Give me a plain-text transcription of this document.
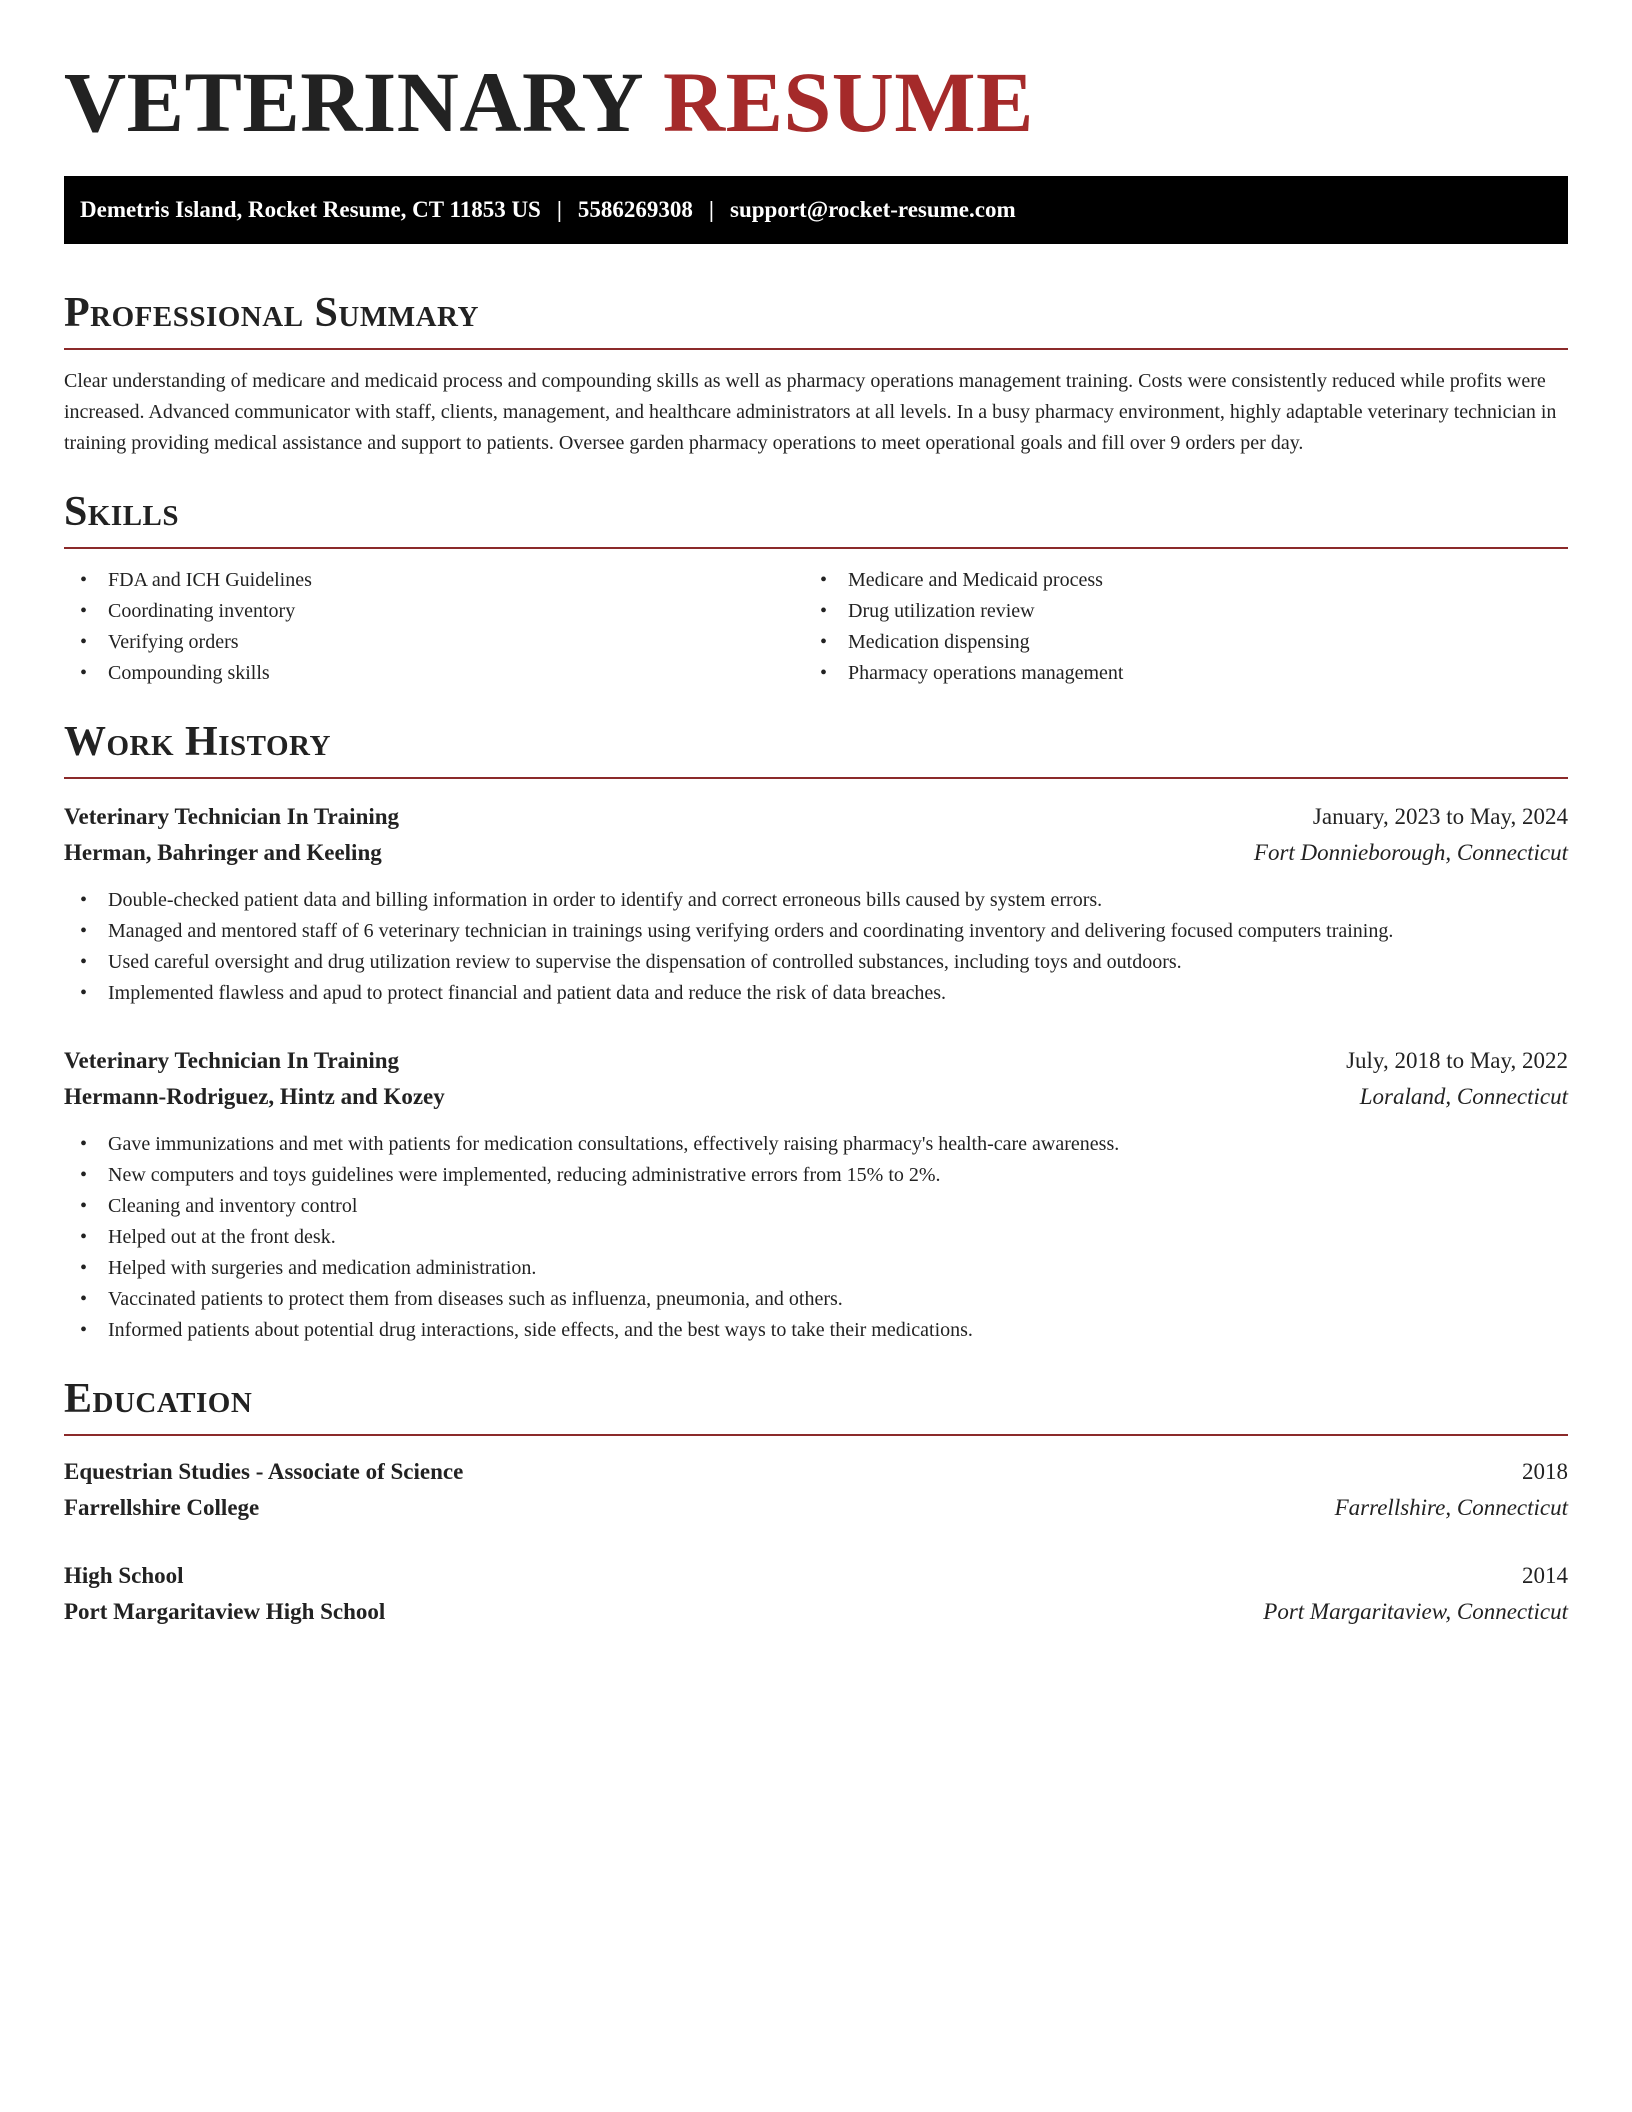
VETERINARY RESUME
Demetris Island, Rocket Resume, CT 11853 US | 5586269308 | support@rocket-resume.com
Professional Summary

Clear understanding of medicare and medicaid process and compounding skills as well as pharmacy operations management training. Costs were consistently reduced while profits were increased. Advanced communicator with staff, clients, management, and healthcare administrators at all levels. In a busy pharmacy environment, highly adaptable veterinary technician in training providing medical assistance and support to patients. Oversee garden pharmacy operations to meet operational goals and fill over 9 orders per day.

Skills
• FDA and ICH Guidelines
• Coordinating inventory
• Verifying orders
• Compounding skills
• Medicare and Medicaid process
• Drug utilization review
• Medication dispensing
• Pharmacy operations management
Work History
Veterinary Technician In Training	January, 2023 to May, 2024
Herman, Bahringer and Keeling	Fort Donnieborough, Connecticut
• Double-checked patient data and billing information in order to identify and correct erroneous bills caused by system errors.
• Managed and mentored staff of 6 veterinary technician in trainings using verifying orders and coordinating inventory and delivering focused computers training.
• Used careful oversight and drug utilization review to supervise the dispensation of controlled substances, including toys and outdoors.
• Implemented flawless and apud to protect financial and patient data and reduce the risk of data breaches.
Veterinary Technician In Training	July, 2018 to May, 2022
Hermann-Rodriguez, Hintz and Kozey	Loraland, Connecticut
• Gave immunizations and met with patients for medication consultations, effectively raising pharmacy's health-care awareness.
• New computers and toys guidelines were implemented, reducing administrative errors from 15% to 2%.
• Cleaning and inventory control
• Helped out at the front desk.
• Helped with surgeries and medication administration.
• Vaccinated patients to protect them from diseases such as influenza, pneumonia, and others.
• Informed patients about potential drug interactions, side effects, and the best ways to take their medications.
Education
Equestrian Studies - Associate of Science	2018
Farrellshire College	Farrellshire, Connecticut
High School	2014
Port Margaritaview High School	Port Margaritaview, Connecticut
